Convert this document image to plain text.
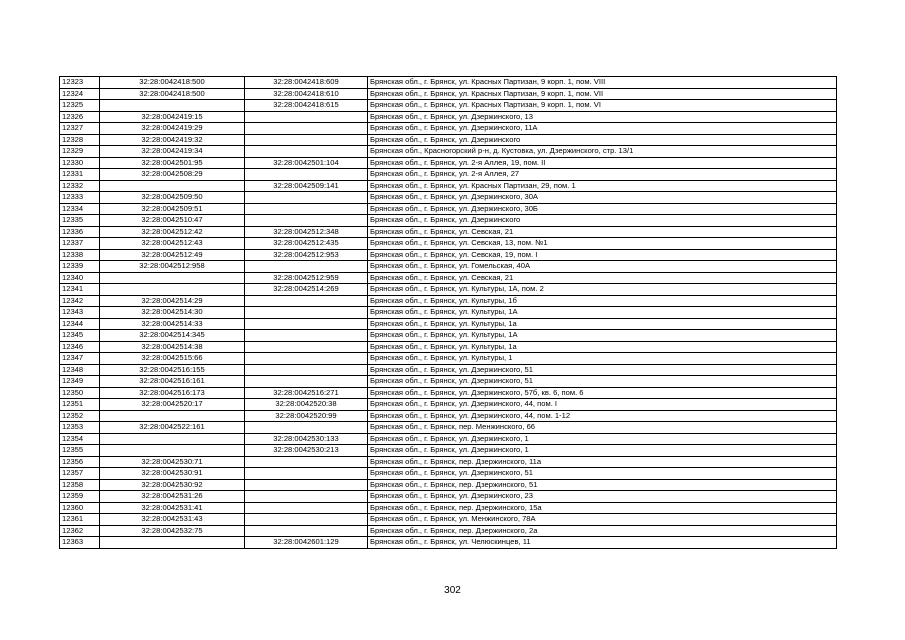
12323	32:28:0042418:500	32:28:0042418:609	Брянская обл., г. Брянск, ул. Красных Партизан, 9 корп. 1, пом. VIII
12324	32:28:0042418:500	32:28:0042418:610	Брянская обл., г. Брянск, ул. Красных Партизан, 9 корп. 1, пом. VII
12325		32:28:0042418:615	Брянская обл., г. Брянск, ул. Красных Партизан, 9 корп. 1, пом. VI
12326	32:28:0042419:15		Брянская обл., г. Брянск, ул. Дзержинского, 13
12327	32:28:0042419:29		Брянская обл., г. Брянск, ул. Дзержинского, 11А
12328	32:28:0042419:32		Брянская обл., г. Брянск, ул. Дзержинского
12329	32:28:0042419:34		Брянская обл., Красногорский р-н, д. Кустовка, ул. Дзержинского, стр. 13/1
12330	32:28:0042501:95	32:28:0042501:104	Брянская обл., г. Брянск, ул. 2-я Аллея, 19, пом. II
12331	32:28:0042508:29		Брянская обл., г. Брянск, ул. 2-я Аллея, 27
12332		32:28:0042509:141	Брянская обл., г. Брянск, ул. Красных Партизан, 29, пом. 1
12333	32:28:0042509:50		Брянская обл., г. Брянск, ул. Дзержинского, 30А
12334	32:28:0042509:51		Брянская обл., г. Брянск, ул. Дзержинского, 30Б
12335	32:28:0042510:47		Брянская обл., г. Брянск, ул. Дзержинского
12336	32:28:0042512:42	32:28:0042512:348	Брянская обл., г. Брянск, ул. Севская, 21
12337	32:28:0042512:43	32:28:0042512:435	Брянская обл., г. Брянск, ул. Севская, 13, пом. №1
12338	32:28:0042512:49	32:28:0042512:953	Брянская обл., г. Брянск, ул. Севская, 19, пом. I
12339	32:28:0042512:958		Брянская обл., г. Брянск, ул. Гомельская, 40А
12340		32:28:0042512:959	Брянская обл., г. Брянск, ул. Севская, 21
12341		32:28:0042514:269	Брянская обл., г. Брянск, ул. Культуры, 1А, пом. 2
12342	32:28:0042514:29		Брянская обл., г. Брянск, ул. Культуры, 1б
12343	32:28:0042514:30		Брянская обл., г. Брянск, ул. Культуры, 1А
12344	32:28:0042514:33		Брянская обл., г. Брянск, ул. Культуры, 1а
12345	32:28:0042514:345		Брянская обл., г. Брянск, ул. Культуры, 1А
12346	32:28:0042514:38		Брянская обл., г. Брянск, ул. Культуры, 1а
12347	32:28:0042515:66		Брянская обл., г. Брянск, ул. Культуры, 1
12348	32:28:0042516:155		Брянская обл., г. Брянск, ул. Дзержинского, 51
12349	32:28:0042516:161		Брянская обл., г. Брянск, ул. Дзержинского, 51
12350	32:28:0042516:173	32:28:0042516:271	Брянская обл., г. Брянск, ул. Дзержинского, 57б, кв. 6, пом. 6
12351	32:28:0042520:17	32:28:0042520:38	Брянская обл., г. Брянск, ул. Дзержинского, 44, пом. I
12352		32:28:0042520:99	Брянская обл., г. Брянск, ул. Дзержинского, 44, пом. 1-12
12353	32:28:0042522:161		Брянская обл., г. Брянск, пер. Менжинского, 66
12354		32:28:0042530:133	Брянская обл., г. Брянск, ул. Дзержинского, 1
12355		32:28:0042530:213	Брянская обл., г. Брянск, ул. Дзержинского, 1
12356	32:28:0042530:71		Брянская обл., г. Брянск, пер. Дзержинского, 11а
12357	32:28:0042530:91		Брянская обл., г. Брянск, ул. Дзержинского, 51
12358	32:28:0042530:92		Брянская обл., г. Брянск, пер. Дзержинского, 51
12359	32:28:0042531:26		Брянская обл., г. Брянск, ул. Дзержинского, 23
12360	32:28:0042531:41		Брянская обл., г. Брянск, пер. Дзержинского, 15а
12361	32:28:0042531:43		Брянская обл., г. Брянск, ул. Менжинского, 78А
12362	32:28:0042532:75		Брянская обл., г. Брянск, пер. Дзержинского, 2а
12363		32:28:0042601:129	Брянская обл., г. Брянск, ул. Челюскинцев, 11
302
